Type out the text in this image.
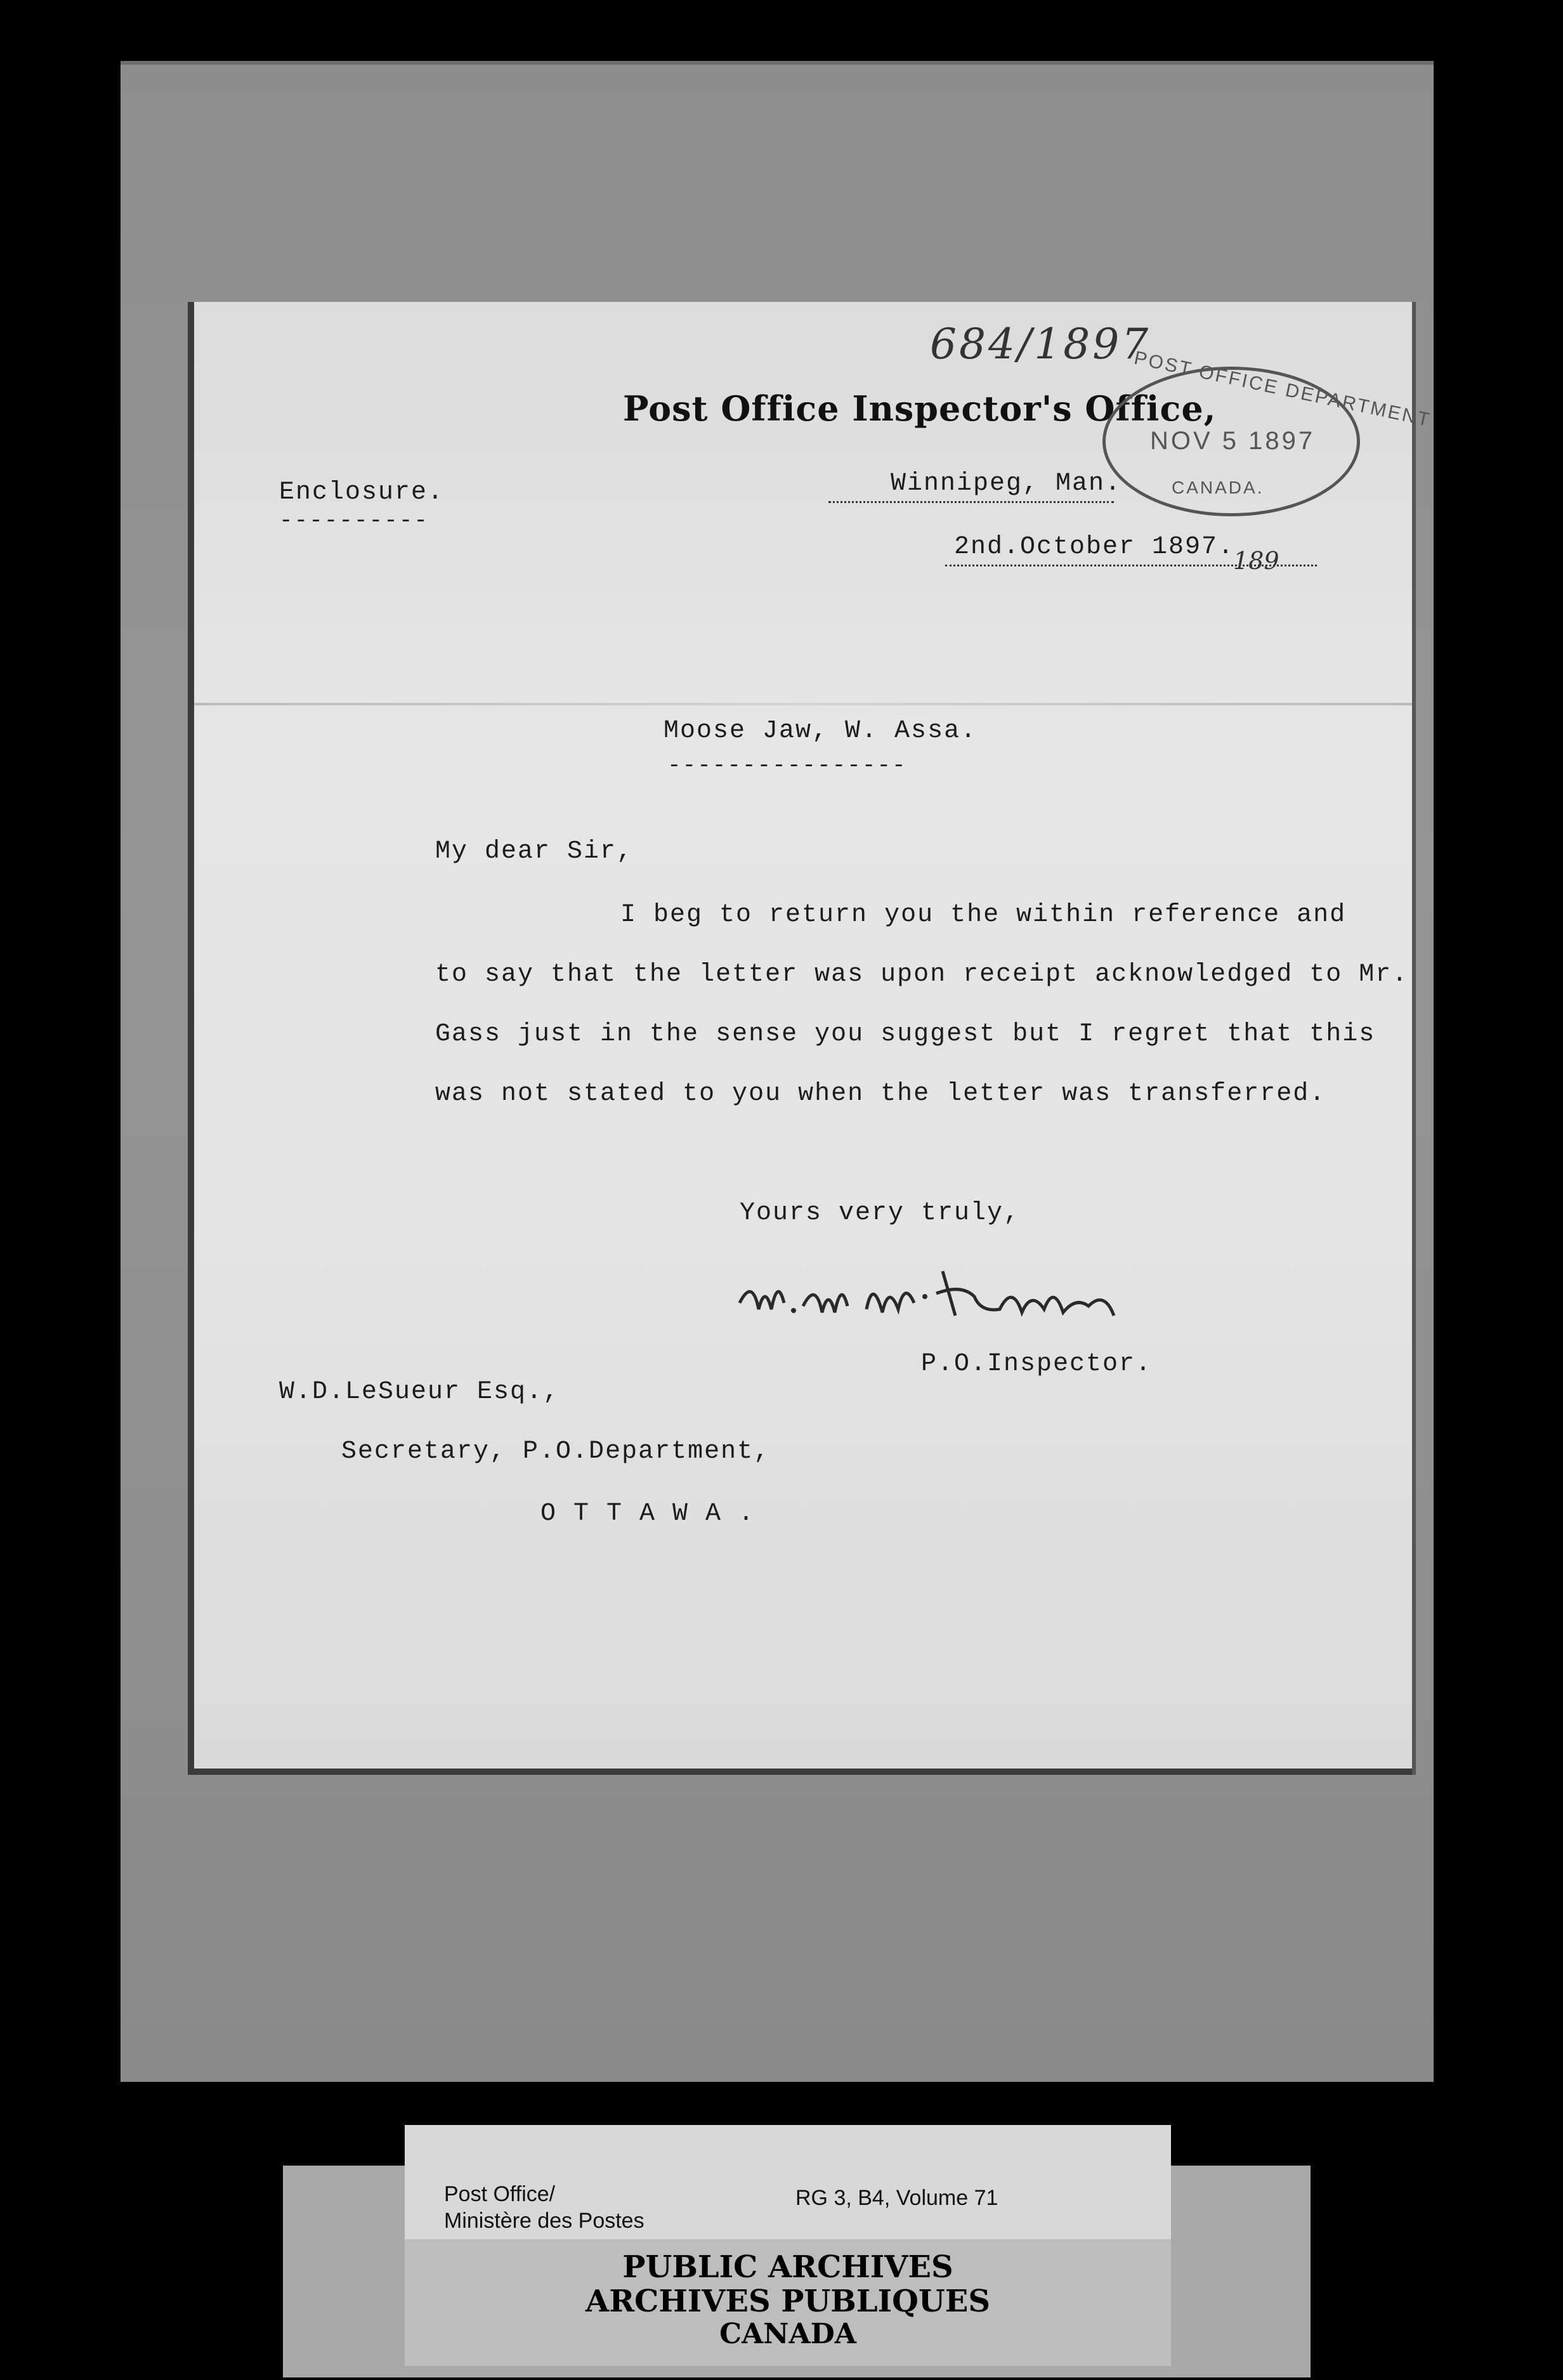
684/1897
Post Office Inspector's Office,
Winnipeg, Man.
2nd.October 1897.
189
Enclosure.
----------
POST OFFICE DEPARTMENT
NOV 5 1897
CANADA.
Moose Jaw, W. Assa.
----------------
My dear Sir,
I beg to return you the within reference and
to say that the letter was upon receipt acknowledged to Mr.
Gass just in the sense you suggest but I regret that this
was not stated to you when the letter was transferred.
Yours very truly,
P.O.Inspector.
W.D.LeSueur Esq.,
Secretary, P.O.Department,
O T T A W A .
Post Office/
Ministère des Postes
RG 3, B4, Volume 71
PUBLIC ARCHIVES
ARCHIVES PUBLIQUES
CANADA
